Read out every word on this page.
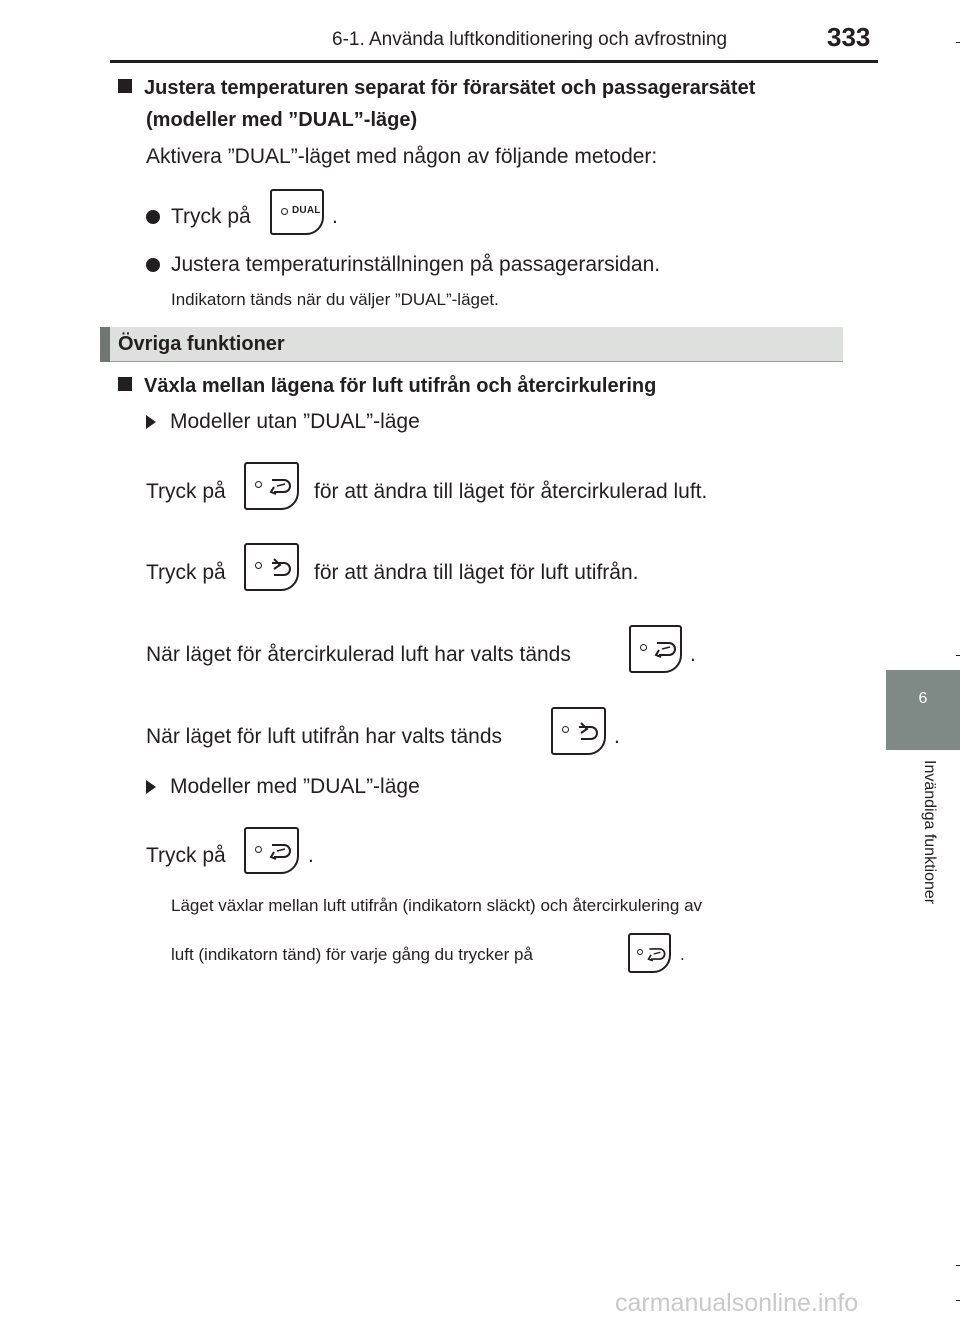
6-1. Använda luftkonditionering och avfrostning	333
6
Invändiga funktioner
Justera temperaturen separat för förarsätet och passagerarsätet
(modeller med ”DUAL”-läge)
Aktivera ”DUAL”-läget med någon av följande metoder:
Tryck på	DUAL .
Justera temperaturinställningen på passagerarsidan.
Indikatorn tänds när du väljer ”DUAL”-läget.
Övriga funktioner
Växla mellan lägena för luft utifrån och återcirkulering
Modeller utan ”DUAL”-läge
Tryck på	för att ändra till läget för återcirkulerad luft.
Tryck på	för att ändra till läget för luft utifrån.
När läget för återcirkulerad luft har valts tänds	.
När läget för luft utifrån har valts tänds	.
Modeller med ”DUAL”-läge
Tryck på	.
Läget växlar mellan luft utifrån (indikatorn släckt) och återcirkulering av
luft (indikatorn tänd) för varje gång du trycker på	.
carmanualsonline.info
